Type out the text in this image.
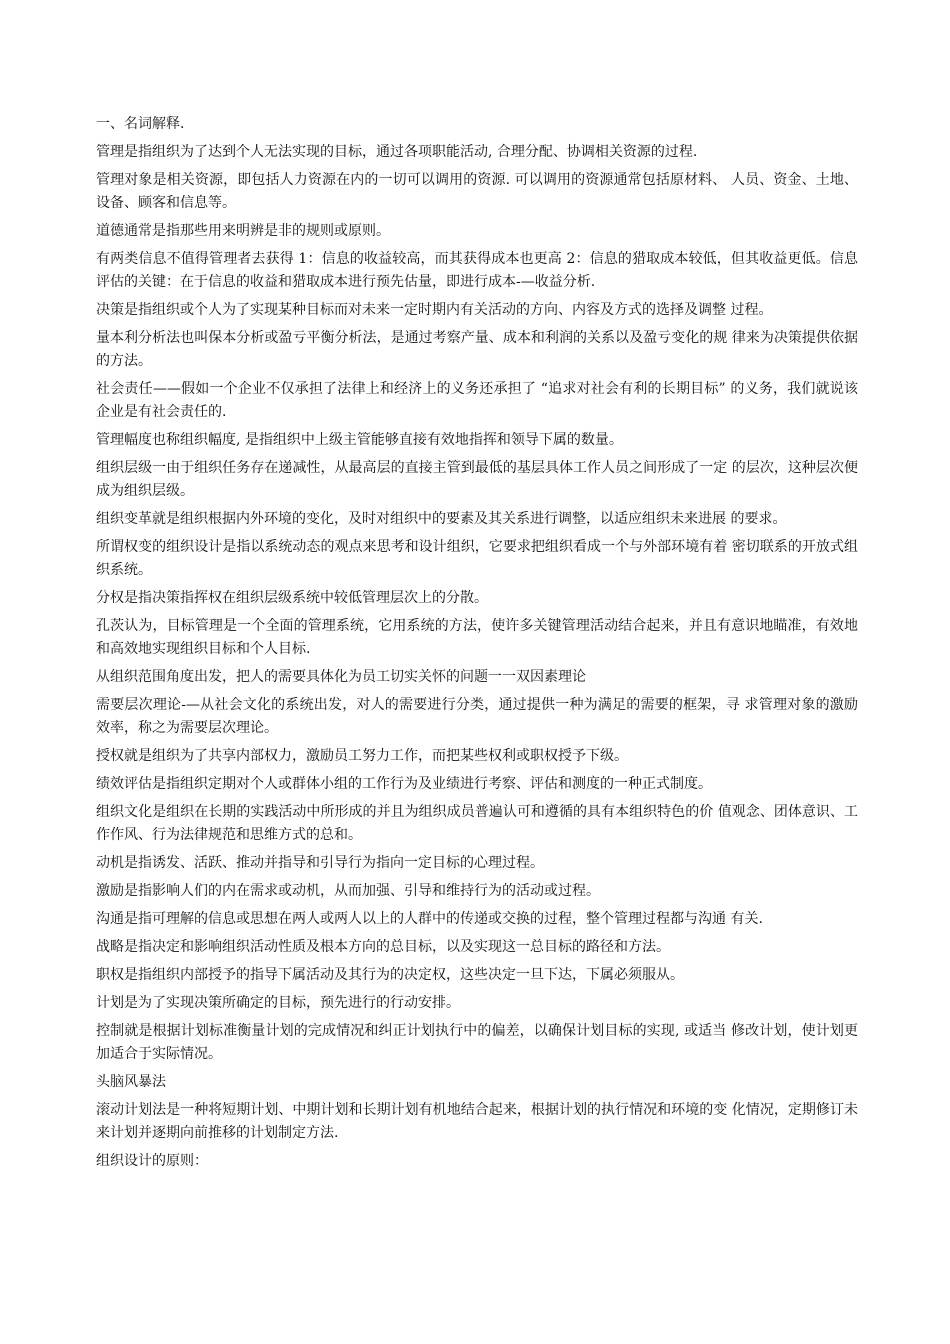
一、名词解释.

管理是指组织为了达到个人无法实现的目标，通过各项职能活动, 合理分配、协调相关资源的过程.

管理对象是相关资源，即包括人力资源在内的一切可以调用的资源. 可以调用的资源通常包括原材料、 人员、资金、土地、设备、顾客和信息等。

道德通常是指那些用来明辨是非的规则或原则。

有两类信息不值得管理者去获得 1：信息的收益较高，而其获得成本也更高 2：信息的猎取成本较低，但其收益更低。信息评估的关键：在于信息的收益和猎取成本进行预先估量，即进行成本-—收益分析.

决策是指组织或个人为了实现某种目标而对未来一定时期内有关活动的方向、内容及方式的选择及调整 过程。

量本利分析法也叫保本分析或盈亏平衡分析法，是通过考察产量、成本和利润的关系以及盈亏变化的规 律来为决策提供依据的方法。

社会责任——假如一个企业不仅承担了法律上和经济上的义务还承担了 “追求对社会有利的长期目标” 的义务，我们就说该企业是有社会责任的.

管理幅度也称组织幅度, 是指组织中上级主管能够直接有效地指挥和领导下属的数量。

组织层级一由于组织任务存在递减性，从最高层的直接主管到最低的基层具体工作人员之间形成了一定 的层次，这种层次便成为组织层级。

组织变革就是组织根据内外环境的变化，及时对组织中的要素及其关系进行调整，以适应组织未来进展 的要求。

所谓权变的组织设计是指以系统动态的观点来思考和设计组织，它要求把组织看成一个与外部环境有着 密切联系的开放式组织系统。

分权是指决策指挥权在组织层级系统中较低管理层次上的分散。

孔茨认为，目标管理是一个全面的管理系统，它用系统的方法，使许多关键管理活动结合起来，并且有意识地瞄准，有效地和高效地实现组织目标和个人目标.

从组织范围角度出发，把人的需要具体化为员工切实关怀的问题一一双因素理论

需要层次理论-—从社会文化的系统出发，对人的需要进行分类，通过提供一种为满足的需要的框架，寻 求管理对象的激励效率，称之为需要层次理论。

授权就是组织为了共享内部权力，激励员工努力工作，而把某些权利或职权授予下级。

绩效评估是指组织定期对个人或群体小组的工作行为及业绩进行考察、评估和测度的一种正式制度。

组织文化是组织在长期的实践活动中所形成的并且为组织成员普遍认可和遵循的具有本组织特色的价 值观念、团体意识、工作作风、行为法律规范和思维方式的总和。

动机是指诱发、活跃、推动并指导和引导行为指向一定目标的心理过程。

激励是指影响人们的内在需求或动机，从而加强、引导和维持行为的活动或过程。

沟通是指可理解的信息或思想在两人或两人以上的人群中的传递或交换的过程，整个管理过程都与沟通 有关.

战略是指决定和影响组织活动性质及根本方向的总目标，以及实现这一总目标的路径和方法。

职权是指组织内部授予的指导下属活动及其行为的决定权，这些决定一旦下达，下属必须服从。

计划是为了实现决策所确定的目标，预先进行的行动安排。

控制就是根据计划标准衡量计划的完成情况和纠正计划执行中的偏差，以确保计划目标的实现, 或适当 修改计划，使计划更加适合于实际情况。

头脑风暴法

滚动计划法是一种将短期计划、中期计划和长期计划有机地结合起来，根据计划的执行情况和环境的变 化情况，定期修订未来计划并逐期向前推移的计划制定方法.

组织设计的原则：
